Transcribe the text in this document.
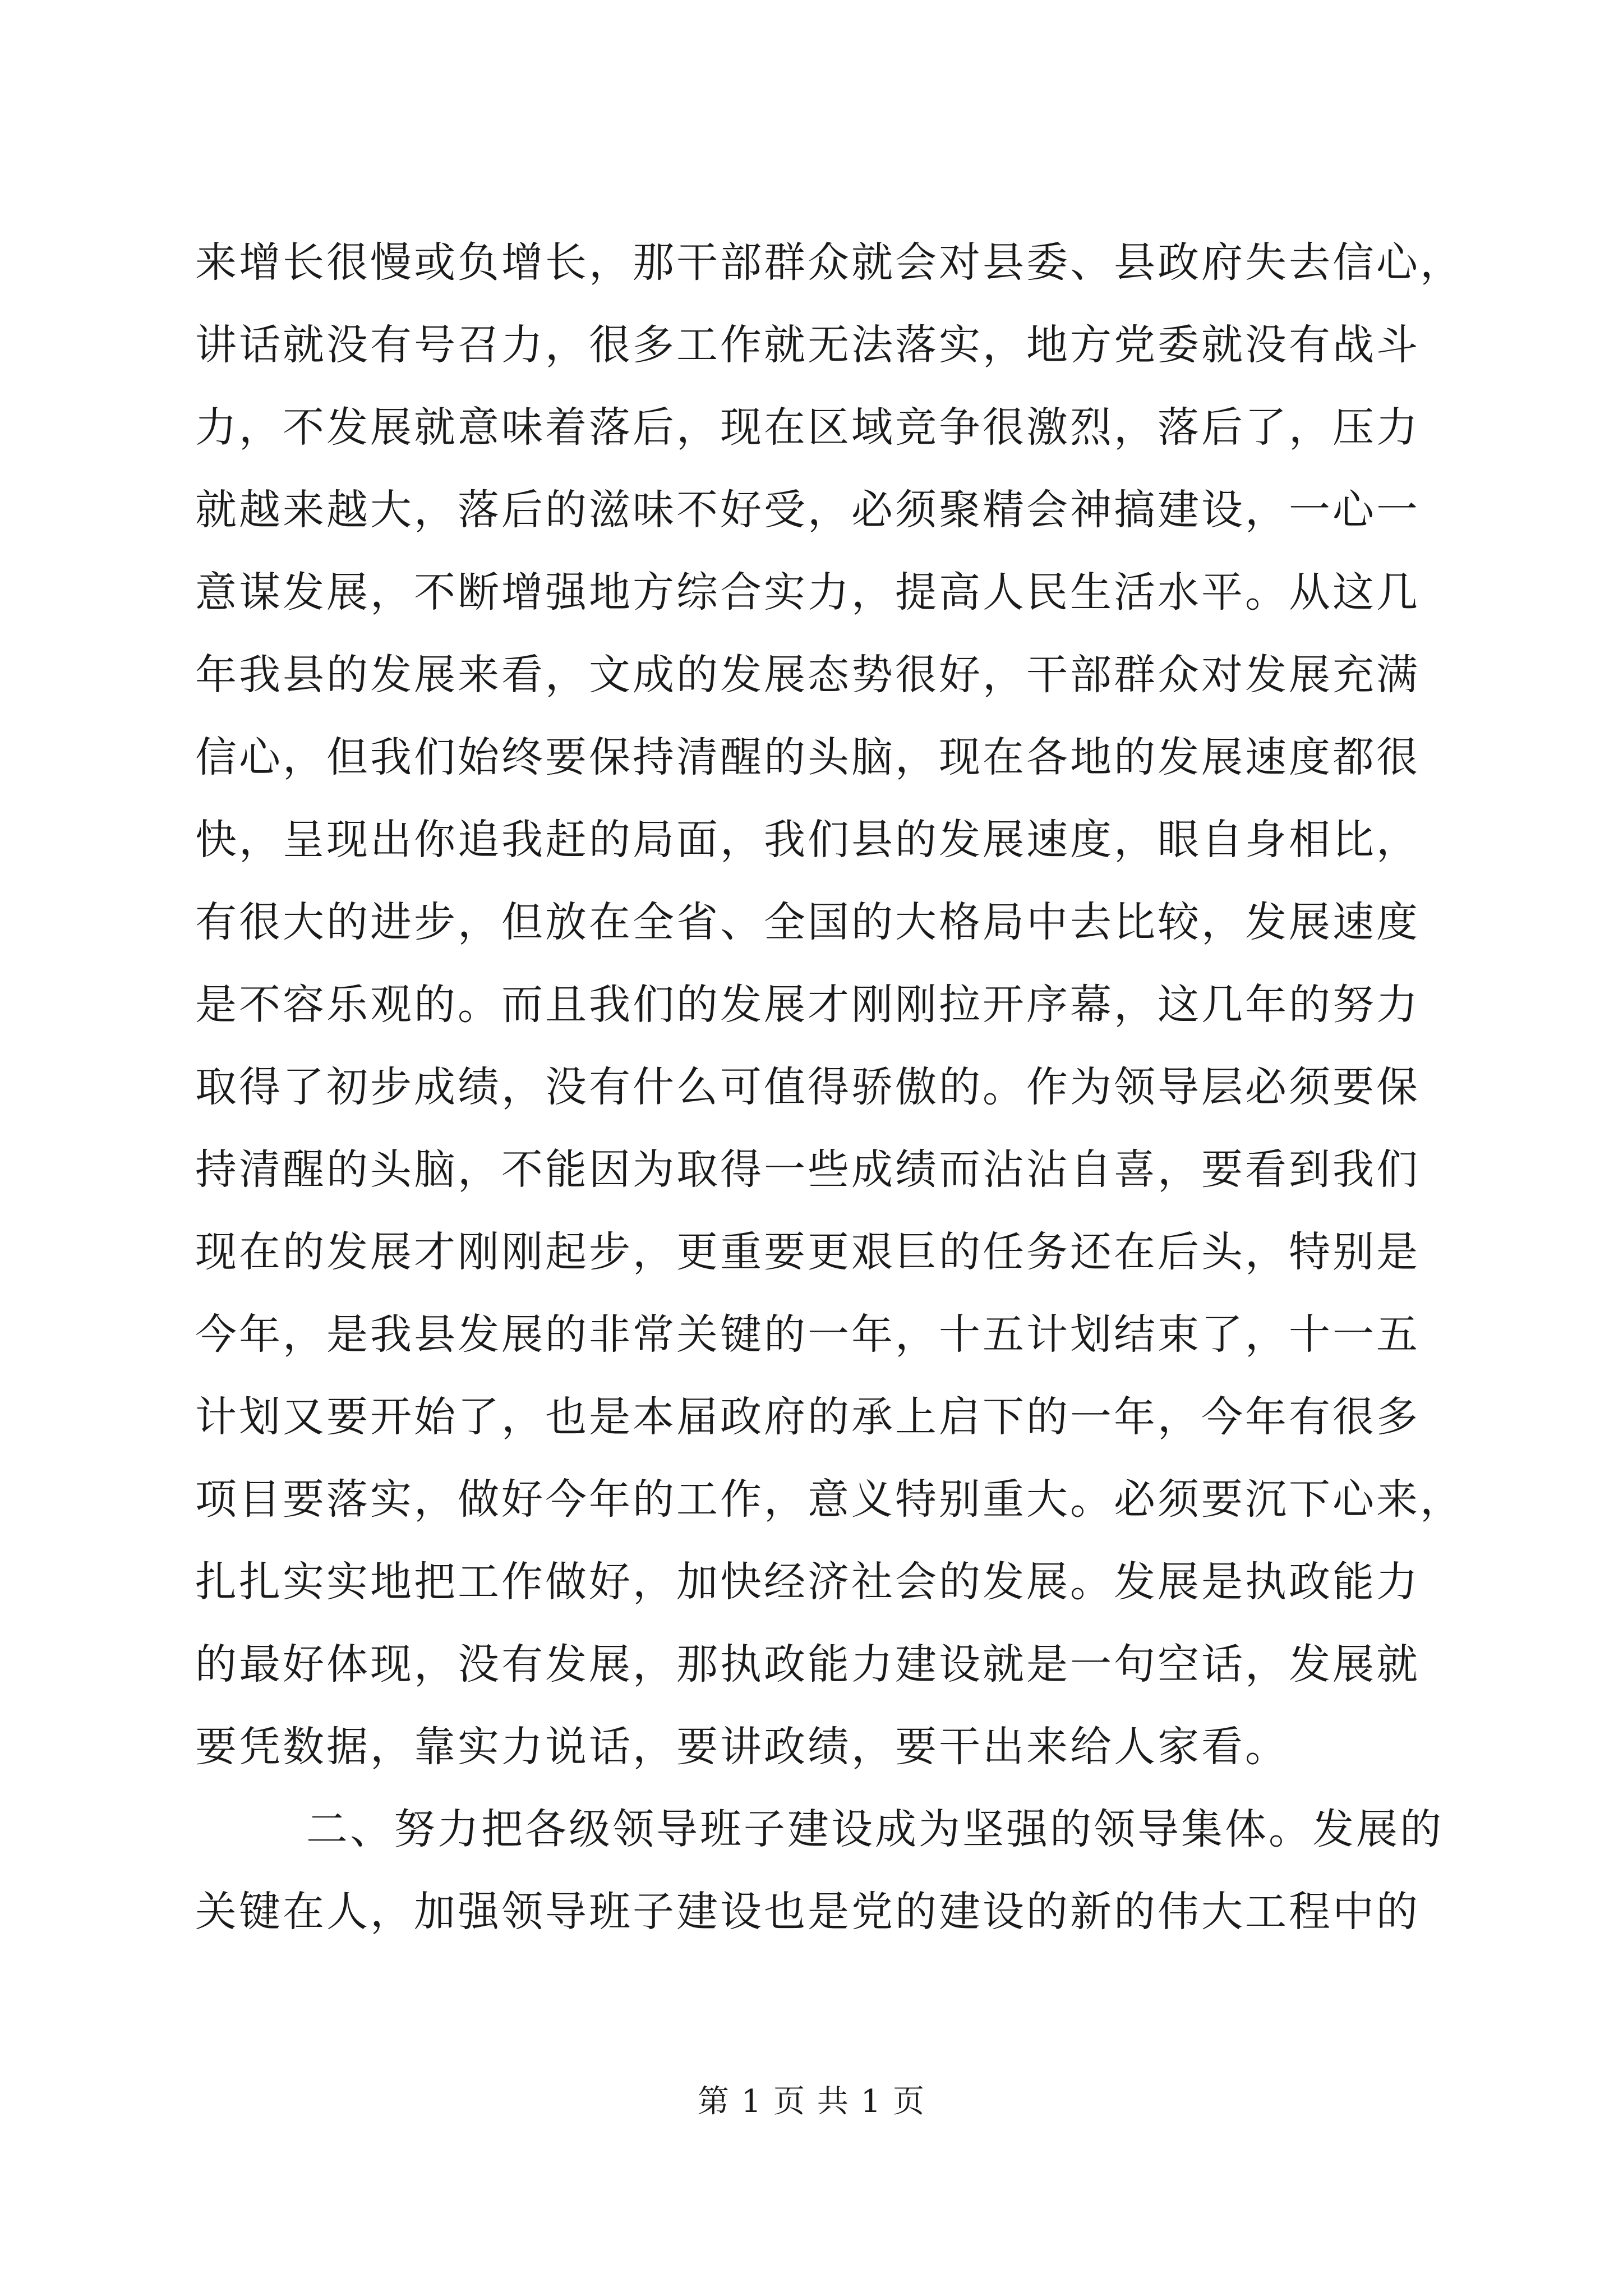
来增长很慢或负增长，那干部群众就会对县委、县政府失去信心，
讲话就没有号召力，很多工作就无法落实，地方党委就没有战斗
力，不发展就意味着落后，现在区域竞争很激烈，落后了，压力
就越来越大，落后的滋味不好受，必须聚精会神搞建设，一心一
意谋发展，不断增强地方综合实力，提高人民生活水平。从这几
年我县的发展来看，文成的发展态势很好，干部群众对发展充满
信心，但我们始终要保持清醒的头脑，现在各地的发展速度都很
快，呈现出你追我赶的局面，我们县的发展速度，眼自身相比，
有很大的进步，但放在全省、全国的大格局中去比较，发展速度
是不容乐观的。而且我们的发展才刚刚拉开序幕，这几年的努力
取得了初步成绩，没有什么可值得骄傲的。作为领导层必须要保
持清醒的头脑，不能因为取得一些成绩而沾沾自喜，要看到我们
现在的发展才刚刚起步，更重要更艰巨的任务还在后头，特别是
今年，是我县发展的非常关键的一年，十五计划结束了，十一五
计划又要开始了，也是本届政府的承上启下的一年，今年有很多
项目要落实，做好今年的工作，意义特别重大。必须要沉下心来，
扎扎实实地把工作做好，加快经济社会的发展。发展是执政能力
的最好体现，没有发展，那执政能力建设就是一句空话，发展就
要凭数据，靠实力说话，要讲政绩，要干出来给人家看。
二、努力把各级领导班子建设成为坚强的领导集体。发展的
关键在人，加强领导班子建设也是党的建设的新的伟大工程中的
第 1 页 共 1 页
